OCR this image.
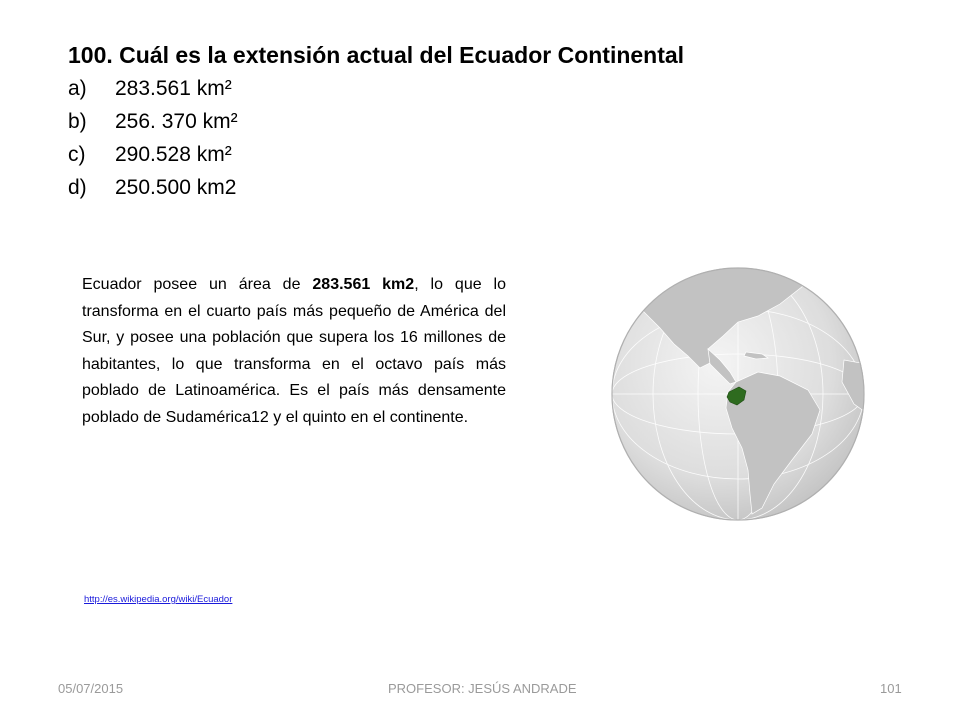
100. Cuál es la extensión actual del Ecuador Continental
a)	283.561 km²
b)	256. 370 km²
c)	290.528 km²
d)	250.500 km2
Ecuador posee un área de 283.561 km2, lo que lo transforma en el cuarto país más pequeño de América del Sur, y posee una población que supera los 16 millones de habitantes, lo que transforma en el octavo país más poblado de Latinoamérica. Es el país más densamente poblado de Sudamérica12 y el quinto en el continente.
http://es.wikipedia.org/wiki/Ecuador
05/07/2015	PROFESOR: JESÚS ANDRADE	101
